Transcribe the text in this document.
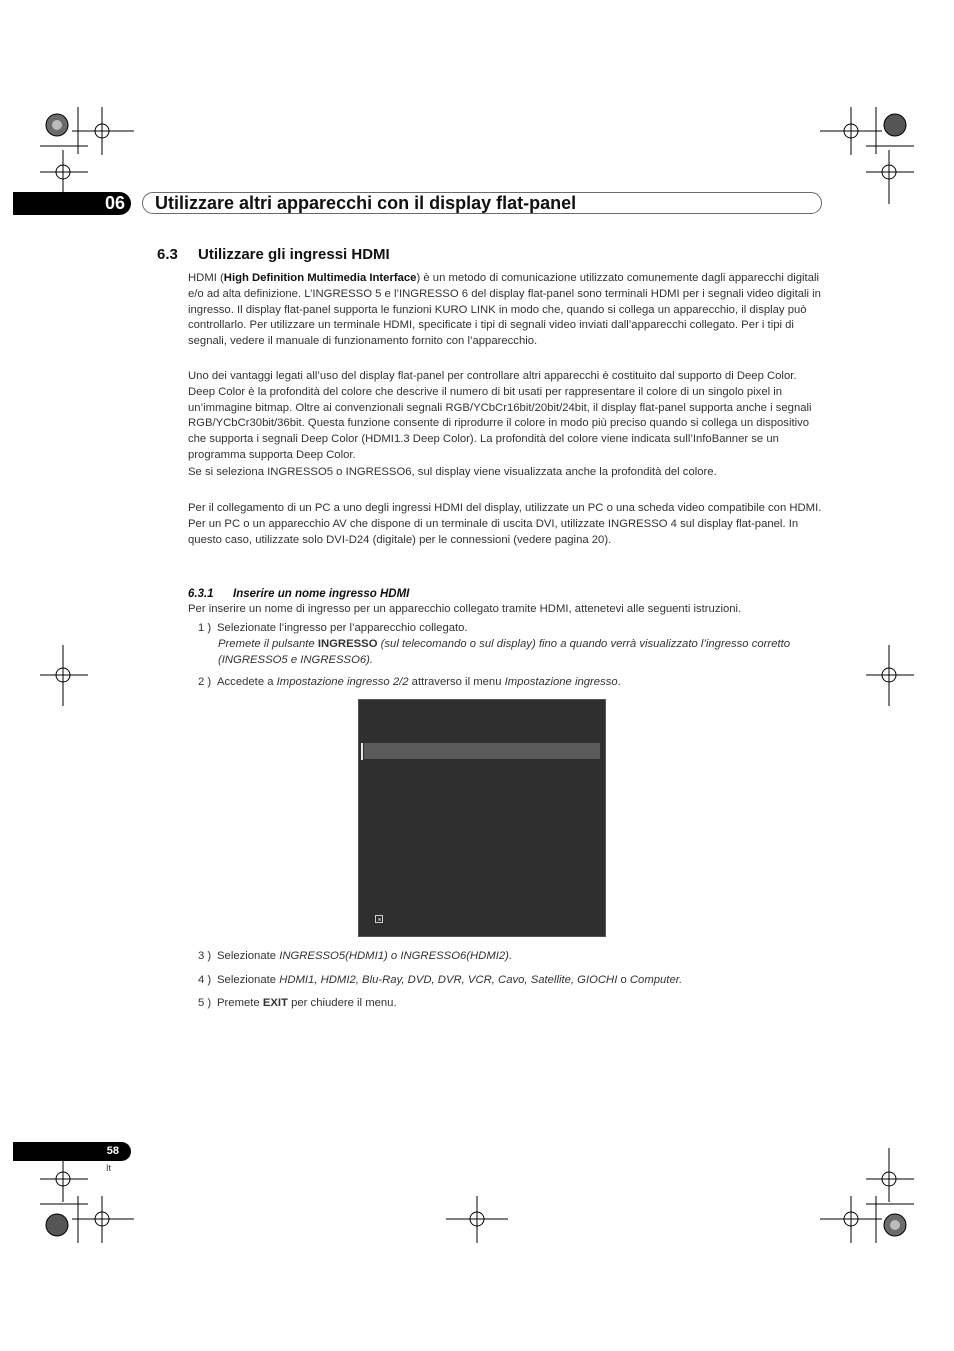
06 Utilizzare altri apparecchi con il display flat-panel
6.3 Utilizzare gli ingressi HDMI

HDMI (High Definition Multimedia Interface) è un metodo di comunicazione utilizzato comunemente dagli apparecchi digitali e/o ad alta definizione. L’INGRESSO 5 e l’INGRESSO 6 del display flat-panel sono terminali HDMI per i segnali video digitali in ingresso. Il display flat-panel supporta le funzioni KURO LINK in modo che, quando si collega un apparecchio, il display può controllarlo. Per utilizzare un terminale HDMI, specificate i tipi di segnali video inviati dall’apparecchi collegato. Per i tipi di segnali, vedere il manuale di funzionamento fornito con l’apparecchio.

Uno dei vantaggi legati all’uso del display flat-panel per controllare altri apparecchi è costituito dal supporto di Deep Color. Deep Color è la profondità del colore che descrive il numero di bit usati per rappresentare il colore di un singolo pixel in un’immagine bitmap. Oltre ai convenzionali segnali RGB/YCbCr16bit/20bit/24bit, il display flat-panel supporta anche i segnali RGB/YCbCr30bit/36bit. Questa funzione consente di riprodurre il colore in modo più preciso quando si collega un dispositivo che supporta i segnali Deep Color (HDMI1.3 Deep Color). La profondità del colore viene indicata sull’InfoBanner se un programma supporta Deep Color.

Se si seleziona INGRESSO5 o INGRESSO6, sul display viene visualizzata anche la profondità del colore.

Per il collegamento di un PC a uno degli ingressi HDMI del display, utilizzate un PC o una scheda video compatibile con HDMI. Per un PC o un apparecchio AV che dispone di un terminale di uscita DVI, utilizzate INGRESSO 4 sul display flat-panel. In questo caso, utilizzate solo DVI-D24 (digitale) per le connessioni (vedere pagina 20).

6.3.1 Inserire un nome ingresso HDMI

Per inserire un nome di ingresso per un apparecchio collegato tramite HDMI, attenetevi alle seguenti istruzioni.

1 ) Selezionate l’ingresso per l’apparecchio collegato.
Premete il pulsante INGRESSO (sul telecomando o sul display) fino a quando verrà visualizzato l’ingresso corretto (INGRESSO5 e INGRESSO6).
2 ) Accedete a Impostazione ingresso 2/2 attraverso il menu Impostazione ingresso.
3 ) Selezionate INGRESSO5(HDMI1) o INGRESSO6(HDMI2).
4 ) Selezionate HDMI1, HDMI2, Blu-Ray, DVD, DVR, VCR, Cavo, Satellite, GIOCHI o Computer.
5 ) Premete EXIT per chiudere il menu.
58
It
